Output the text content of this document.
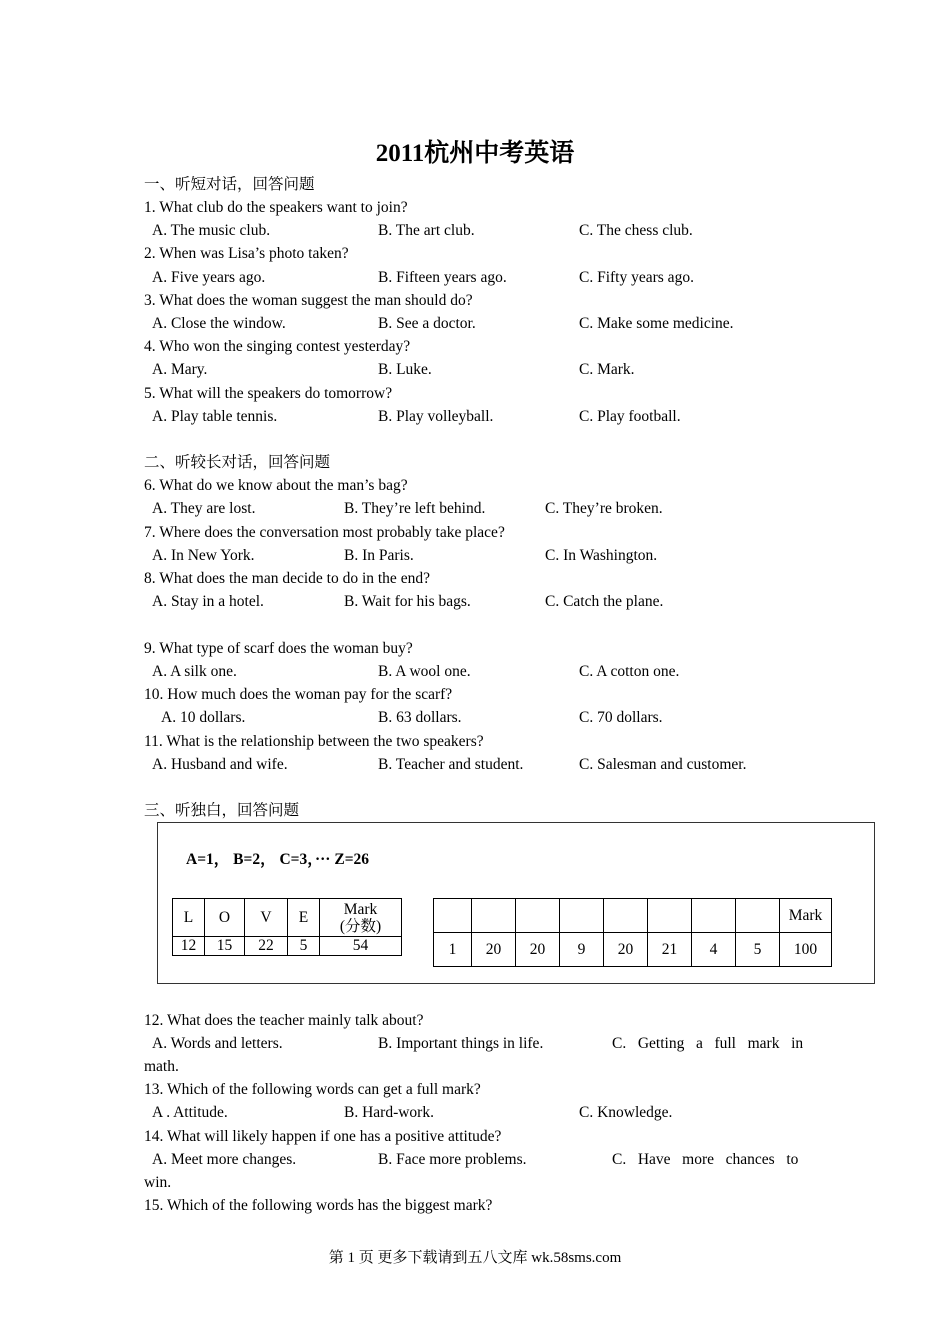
2011杭州中考英语
一、听短对话，回答问题
1. What club do the speakers want to join?
A. The music club.	B. The art club.	C. The chess club.
2. When was Lisa’s photo taken?
A. Five years ago.	B. Fifteen years ago.	C. Fifty years ago.
3. What does the woman suggest the man should do?
A. Close the window.	B. See a doctor.	C. Make some medicine.
4. Who won the singing contest yesterday?
A. Mary.	B. Luke.	C. Mark.
5. What will the speakers do tomorrow?
A. Play table tennis.	B. Play volleyball.	C. Play football.
二、听较长对话，回答问题
6. What do we know about the man’s bag?
A. They are lost.	B. They’re left behind.	C. They’re broken.
7. Where does the conversation most probably take place?
A. In New York.	B. In Paris.	C. In Washington.
8. What does the man decide to do in the end?
A. Stay in a hotel.	B. Wait for his bags.	C. Catch the plane.
9. What type of scarf does the woman buy?
A. A silk one.	B. A wool one.	C. A cotton one.
10. How much does the woman pay for the scarf?
A. 10 dollars.	B. 63 dollars.	C. 70 dollars.
11. What is the relationship between the two speakers?
A. Husband and wife.	B. Teacher and student.	C. Salesman and customer.
三、听独白，回答问题
A=1， B=2， C=3，··· Z=26
L	O	V	E	Mark
(分数)
12	15	22	5	54
								Mark
1	20	20	9	20	21	4	5	100
12. What does the teacher mainly talk about?
A. Words and letters.	B. Important things in life.	C.   Getting   a   full   mark   in
math.
13. Which of the following words can get a full mark?
A . Attitude.	B. Hard-work.	C. Knowledge.
14. What will likely happen if one has a positive attitude?
A. Meet more changes.	B. Face more problems.	C.   Have   more   chances   to
win.
15. Which of the following words has the biggest mark?
第 1 页 更多下载请到五八文库 wk.58sms.com
